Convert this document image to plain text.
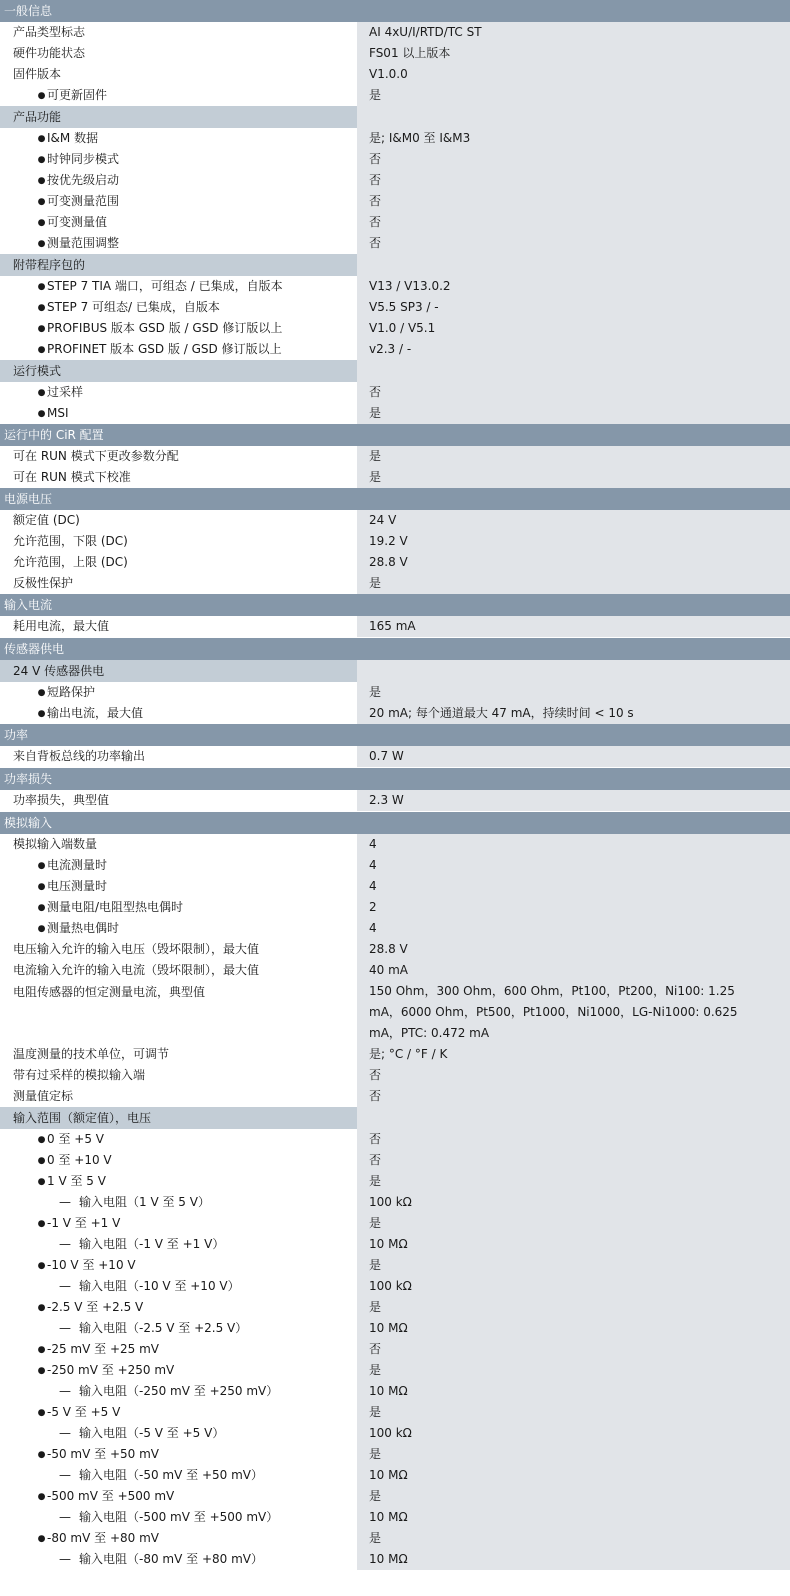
一般信息
产品类型标志	AI 4xU/I/RTD/TC ST
硬件功能状态	FS01 以上版本
固件版本	V1.0.0
● 可更新固件	是
产品功能
● I&M 数据	是; I&M0 至 I&M3
● 时钟同步模式	否
● 按优先级启动	否
● 可变测量范围	否
● 可变测量值	否
● 测量范围调整	否
附带程序包的
● STEP 7 TIA 端口，可组态 / 已集成，自版本	V13 / V13.0.2
● STEP 7 可组态/ 已集成，自版本	V5.5 SP3 / -
● PROFIBUS 版本 GSD 版 / GSD 修订版以上	V1.0 / V5.1
● PROFINET 版本 GSD 版 / GSD 修订版以上	v2.3 / -
运行模式
● 过采样	否
● MSI	是
运行中的 CiR 配置
可在 RUN 模式下更改参数分配	是
可在 RUN 模式下校准	是
电源电压
额定值 (DC)	24 V
允许范围，下限 (DC)	19.2 V
允许范围，上限 (DC)	28.8 V
反极性保护	是
输入电流
耗用电流，最大值	165 mA
传感器供电
24 V 传感器供电
● 短路保护	是
● 输出电流，最大值	20 mA; 每个通道最大 47 mA，持续时间 < 10 s
功率
来自背板总线的功率输出	0.7 W
功率损失
功率损失，典型值	2.3 W
模拟输入
模拟输入端数量	4
● 电流测量时	4
● 电压测量时	4
● 测量电阻/电阻型热电偶时	2
● 测量热电偶时	4
电压输入允许的输入电压（毁坏限制），最大值	28.8 V
电流输入允许的输入电流（毁坏限制），最大值	40 mA
电阻传感器的恒定测量电流，典型值	150 Ohm，300 Ohm，600 Ohm，Pt100，Pt200，Ni100: 1.25 mA，6000 Ohm，Pt500，Pt1000，Ni1000，LG-Ni1000: 0.625 mA，PTC: 0.472 mA
温度测量的技术单位，可调节	是; °C / °F / K
带有过采样的模拟输入端	否
测量值定标	否
输入范围（额定值），电压
● 0 至 +5 V	否
● 0 至 +10 V	否
● 1 V 至 5 V	是
— 输入电阻（1 V 至 5 V）	100 kΩ
● -1 V 至 +1 V	是
— 输入电阻（-1 V 至 +1 V）	10 MΩ
● -10 V 至 +10 V	是
— 输入电阻（-10 V 至 +10 V）	100 kΩ
● -2.5 V 至 +2.5 V	是
— 输入电阻（-2.5 V 至 +2.5 V）	10 MΩ
● -25 mV 至 +25 mV	否
● -250 mV 至 +250 mV	是
— 输入电阻（-250 mV 至 +250 mV）	10 MΩ
● -5 V 至 +5 V	是
— 输入电阻（-5 V 至 +5 V）	100 kΩ
● -50 mV 至 +50 mV	是
— 输入电阻（-50 mV 至 +50 mV）	10 MΩ
● -500 mV 至 +500 mV	是
— 输入电阻（-500 mV 至 +500 mV）	10 MΩ
● -80 mV 至 +80 mV	是
— 输入电阻（-80 mV 至 +80 mV）	10 MΩ
